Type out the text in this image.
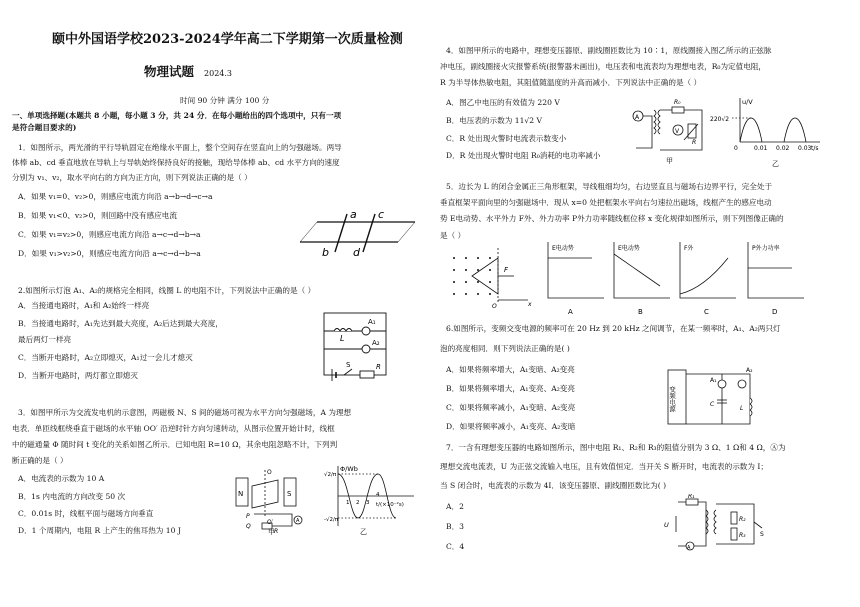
颐中外国语学校2023-2024学年高二下学期第一次质量检测
物理试题 2024.3
时间 90 分钟 满分 100 分
一、单项选择题(本题共 8 小题，每小题 3 分，共 24 分．在每小题给出的四个选项中，只有一项
是符合题目要求的)
1．如图所示，两光滑的平行导轨固定在绝缘水平面上，整个空间存在竖直向上的匀强磁场。两导
体棒 ab、cd 垂直地放在导轨上与导轨始终保持良好的接触，现给导体棒 ab、cd 水平方向的速度
分别为 v₁、v₂，取水平向右的方向为正方向，则下列说法正确的是（ ）
A．如果 v₁=0、v₂>0，则感应电流方向沿 a→b→d→c→a
B．如果 v₁<0、v₂>0，则回路中没有感应电流
C．如果 v₁=v₂>0，则感应电流方向沿 a→c→d→b→a
D．如果 v₁>v₂>0，则感应电流方向沿 a→c→d→b→a
a c
b d
2.如图所示灯泡 A₁、A₂的规格完全相同，线圈 L 的电阻不计，下列说法中正确的是（ ）
A．当接通电路时，A₁和 A₂始终一样亮
B．当接通电路时，A₁先达到最大亮度，A₂后达到最大亮度，
最后两灯一样亮
C．当断开电路时，A₂立即熄灭，A₁过一会儿才熄灭
D．当断开电路时，两灯都立即熄灭
A₁
L	A₂
S	R
3．如图甲所示为交流发电机的示意图，两磁极 N、S 间的磁场可视为水平方向匀强磁场，A 为理想
电表．单匝线框绕垂直于磁场的水平轴 OO′ 沿逆时针方向匀速转动，从图示位置开始计时，线框
中的磁通量 Φ 随时间 t 变化的关系如图乙所示．已知电阻 R=10 Ω，其余电阻忽略不计，下列判
断正确的是（ ）
A．电流表的示数为 10 A
B．1s 内电流的方向改变 50 次
C．0.01s 时，线框平面与磁场方向垂直
D．1 个周期内，电阻 R 上产生的焦耳热为 10 J
N	S
O
O′	A
P
Q
R
甲
Φ/Wb
√2/π
-√2/π
t/(×10⁻²s)
1 2 3
4
乙
4．如图甲所示的电路中，理想变压器原、副线圈匝数比为 10∶1，原线圈接入图乙所示的正弦脉
冲电压，副线圈接火灾报警系统(报警器未画出)，电压表和电流表均为理想电表，R₀为定值电阻，
R 为半导体热敏电阻，其阻值随温度的升高而减小．下列说法中正确的是（ ）
A．图乙中电压的有效值为 220 V
B．电压表的示数为 11√2 V
C．R 处出现火警时电流表示数变小
D．R 处出现火警时电阻 R₀消耗的电功率减小
A
V
R₀
R
甲
u/V
220√2
0	0.01 0.02 0.03 t/s
乙
5．边长为 L 的闭合金属正三角形框架，导线粗细均匀，右边竖直且与磁场右边界平行，完全处于
垂直框架平面向里的匀强磁场中．现从 x=0 处把框架水平向右匀速拉出磁场，线框产生的感应电动
势 E电动势、水平外力 F外、外力功率 P外力功率随线框位移 x 变化规律如图所示，则下列图像正确的
是（ ）
F
O	x
E电动势	E电动势	F外	P外力功率
A	B	C	D
6.如图所示，变频交变电源的频率可在 20 Hz 到 20 kHz 之间调节，在某一频率时，A₁、A₂两只灯
泡的亮度相同．则下列说法正确的是( )
A．如果将频率增大，A₁变暗、A₂变亮
B．如果将频率增大，A₁变亮、A₂变亮
C．如果将频率减小，A₁变暗、A₂变亮
D．如果将频率减小，A₁变亮、A₂变暗
变频电源
A₁
A₂
C
L
7．一含有理想变压器的电路如图所示，图中电阻 R₁、R₂和 R₃的阻值分别为 3 Ω、1 Ω和 4 Ω，Ⓐ为
理想交流电流表，U 为正弦交流输入电压，且有效值恒定．当开关 S 断开时，电流表的示数为 I；
当 S 闭合时，电流表的示数为 4I．该变压器原、副线圈匝数比为( )
A．2
B．3
C．4
R₁
U
A
R₂
R₃ S
